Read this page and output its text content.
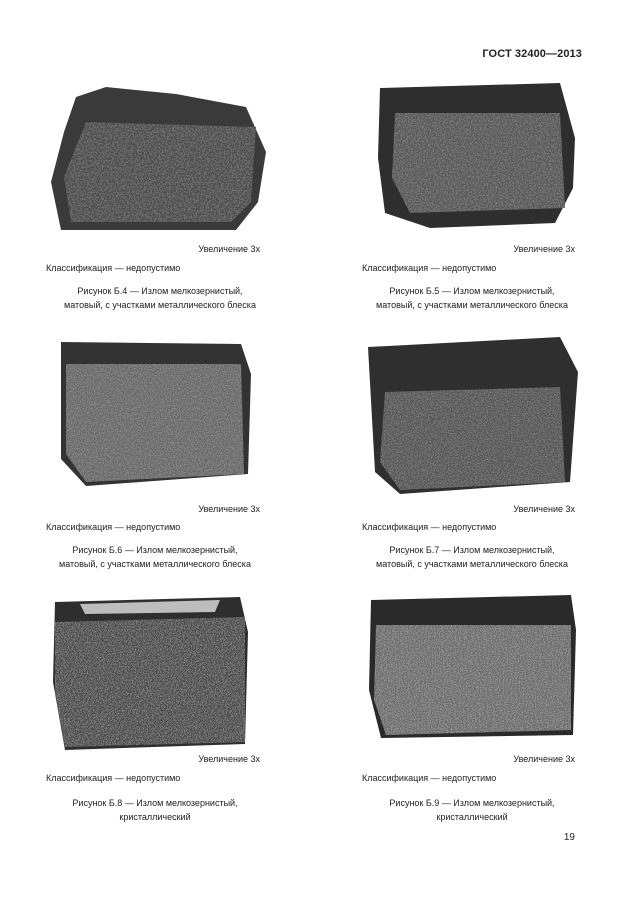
ГОСТ 32400—2013
Увеличение 3х
Классификация — недопустимо
Рисунок Б.4 — Излом мелкозернистый,
матовый, с участками металлического блеска
Увеличение 3х
Классификация — недопустимо
Рисунок Б.5 — Излом мелкозернистый,
матовый, с участками металлического блеска
Увеличение 3х
Классификация — недопустимо
Рисунок Б.6 — Излом мелкозернистый,
матовый, с участками металлического блеска
Увеличение 3х
Классификация — недопустимо
Рисунок Б.7 — Излом мелкозернистый,
матовый, с участками металлического блеска
Увеличение 3х
Классификация — недопустимо
Рисунок Б.8 — Излом мелкозернистый,
кристаллический
Увеличение 3х
Классификация — недопустимо
Рисунок Б.9 — Излом мелкозернистый,
кристаллический
19
